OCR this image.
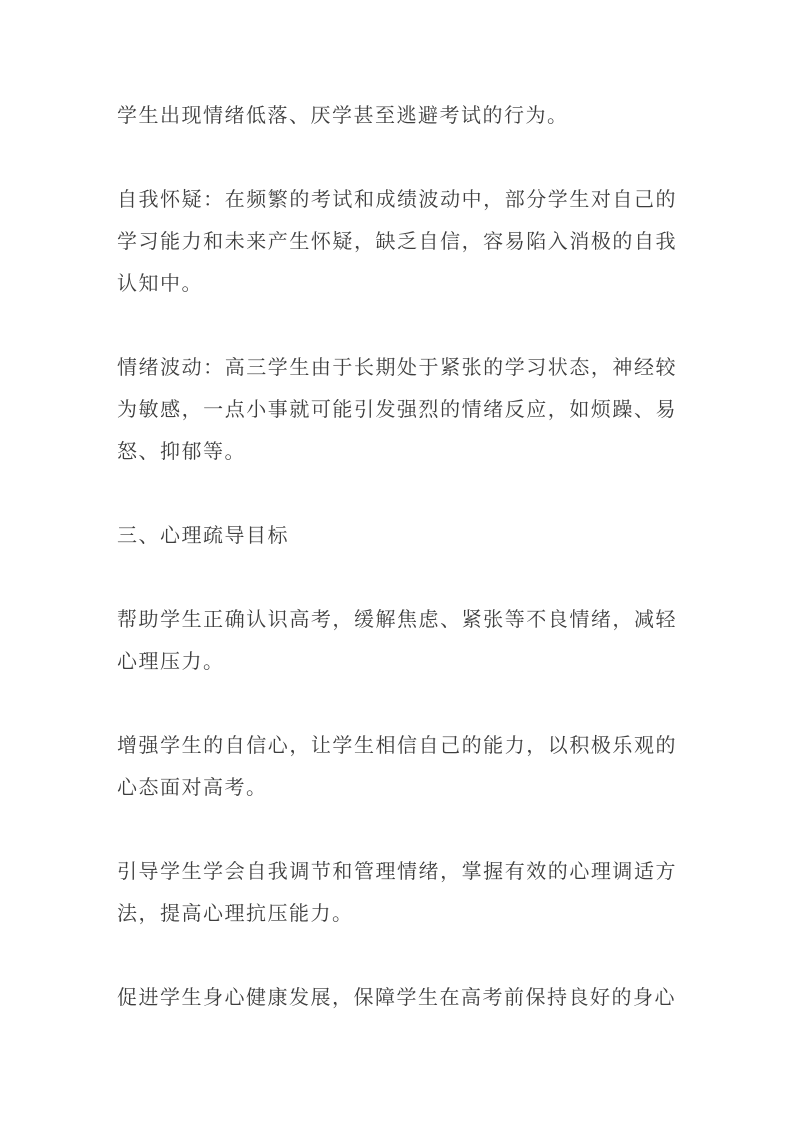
学生出现情绪低落、厌学甚至逃避考试的行为。

自我怀疑：在频繁的考试和成绩波动中，部分学生对自己的学习能力和未来产生怀疑，缺乏自信，容易陷入消极的自我认知中。

情绪波动：高三学生由于长期处于紧张的学习状态，神经较为敏感，一点小事就可能引发强烈的情绪反应，如烦躁、易怒、抑郁等。

三、心理疏导目标

帮助学生正确认识高考，缓解焦虑、紧张等不良情绪，减轻心理压力。

增强学生的自信心，让学生相信自己的能力，以积极乐观的心态面对高考。

引导学生学会自我调节和管理情绪，掌握有效的心理调适方法，提高心理抗压能力。

促进学生身心健康发展，保障学生在高考前保持良好的身心
